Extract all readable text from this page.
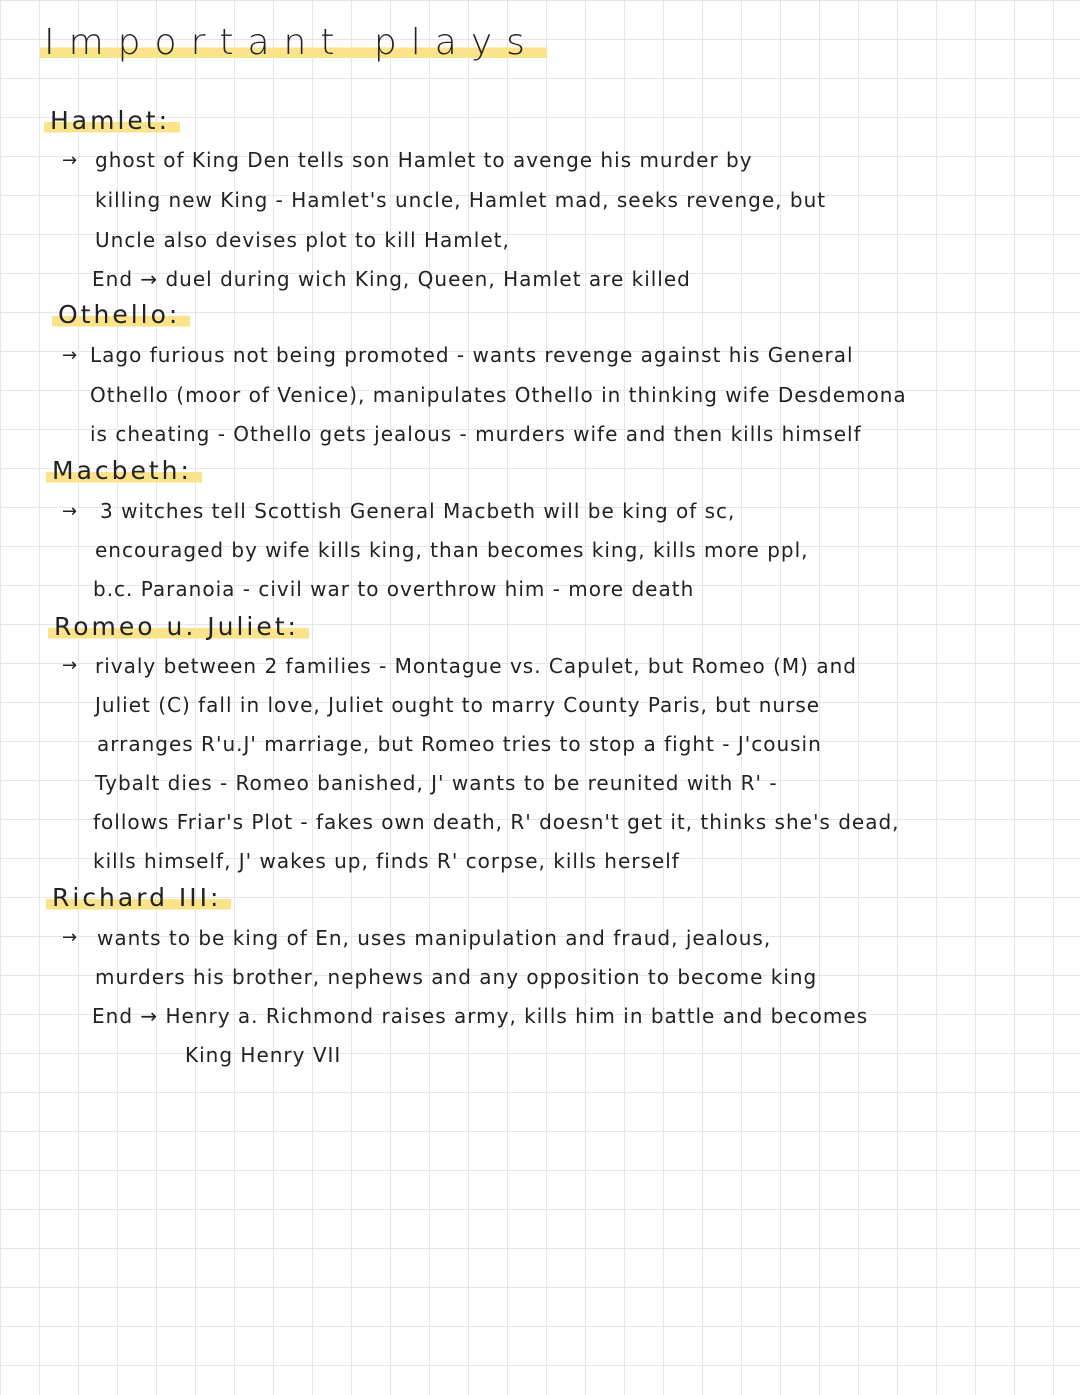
Important plays
Hamlet:
→ ghost of King Den tells son Hamlet to avenge his murder by
killing new King - Hamlet's uncle, Hamlet mad, seeks revenge, but
Uncle also devises plot to kill Hamlet,
End → duel during wich King, Queen, Hamlet are killed
Othello:
→ Lago furious not being promoted - wants revenge against his General
Othello (moor of Venice), manipulates Othello in thinking wife Desdemona
is cheating - Othello gets jealous - murders wife and then kills himself
Macbeth:
→ 3 witches tell Scottish General Macbeth will be king of sc,
encouraged by wife kills king, than becomes king, kills more ppl,
b.c. Paranoia - civil war to overthrow him - more death
Romeo u. Juliet:
→ rivaly between 2 families - Montague vs. Capulet, but Romeo (M) and
Juliet (C) fall in love, Juliet ought to marry County Paris, but nurse
arranges R'u.J' marriage, but Romeo tries to stop a fight - J'cousin
Tybalt dies - Romeo banished, J' wants to be reunited with R' -
follows Friar's Plot - fakes own death, R' doesn't get it, thinks she's dead,
kills himself, J' wakes up, finds R' corpse, kills herself
Richard III:
→ wants to be king of En, uses manipulation and fraud, jealous,
murders his brother, nephews and any opposition to become king
End → Henry a. Richmond raises army, kills him in battle and becomes
King Henry VII
